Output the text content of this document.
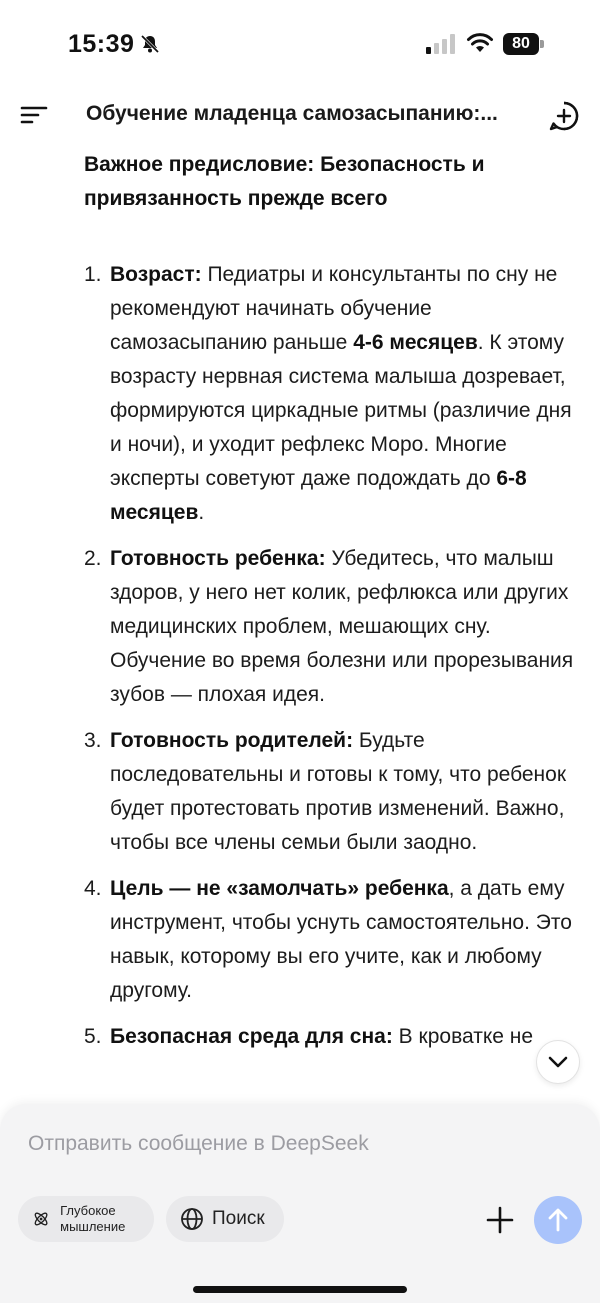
15:39	80
Обучение младенца самозасыпанию:...

Важное предисловие: Безопасность и привязанность прежде всего

1. Возраст: Педиатры и консультанты по сну не рекомендуют начинать обучение самозасыпанию раньше 4-6 месяцев. К этому возрасту нервная система малыша дозревает, формируются циркадные ритмы (различие дня и ночи), и уходит рефлекс Моро. Многие эксперты советуют даже подождать до 6-8 месяцев.
2. Готовность ребенка: Убедитесь, что малыш здоров, у него нет колик, рефлюкса или других медицинских проблем, мешающих сну. Обучение во время болезни или прорезывания зубов — плохая идея.
3. Готовность родителей: Будьте последовательны и готовы к тому, что ребенок будет протестовать против изменений. Важно, чтобы все члены семьи были заодно.
4. Цель — не «замолчать» ребенка, а дать ему инструмент, чтобы уснуть самостоятельно. Это навык, которому вы его учите, как и любому другому.
5. Безопасная среда для сна: В кроватке не
Отправить сообщение в DeepSeek
Глубокое мышление	Поиск
